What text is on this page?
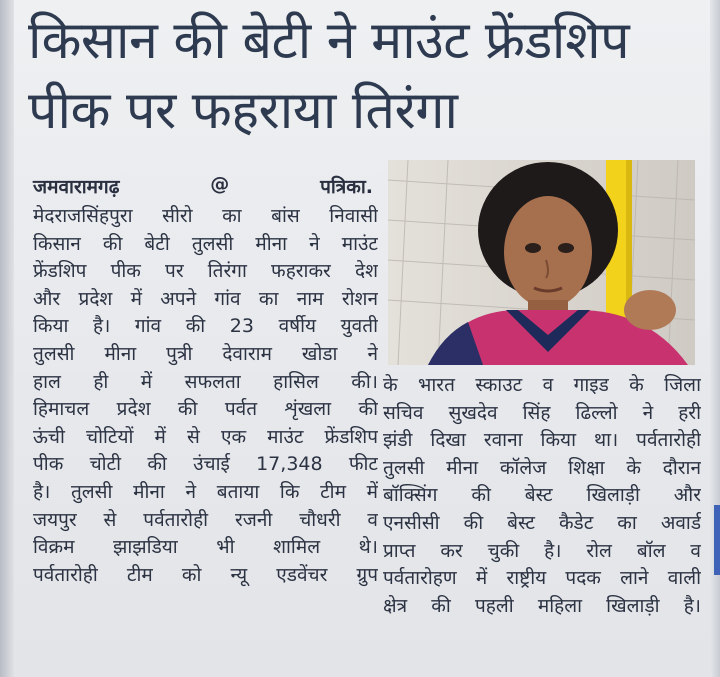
किसान की बेटी ने माउंट फ्रेंडशिप
पीक पर फहराया तिरंगा
जमवारामगढ़	@	पत्रिका.
मेदराजसिंहपुरा सीरो का बांस निवासी
किसान की बेटी तुलसी मीना ने माउंट
फ्रेंडशिप पीक पर तिरंगा फहराकर देश
और प्रदेश में अपने गांव का नाम रोशन
किया है। गांव की 23 वर्षीय युवती
तुलसी मीना पुत्री देवाराम खोडा ने
हाल ही में सफलता हासिल की।
हिमाचल प्रदेश की पर्वत शृंखला की
ऊंची चोटियों में से एक माउंट फ्रेंडशिप
पीक चोटी की उंचाई 17,348 फीट
है। तुलसी मीना ने बताया कि टीम में
जयपुर से पर्वतारोही रजनी चौधरी व
विक्रम झाझडिया भी शामिल थे।
पर्वतारोही टीम को न्यू एडवेंचर ग्रुप
के भारत स्काउट व गाइड के जिला
सचिव सुखदेव सिंह ढिल्लो ने हरी
झंडी दिखा रवाना किया था। पर्वतारोही
तुलसी मीना कॉलेज शिक्षा के दौरान
बॉक्सिंग की बेस्ट खिलाड़ी और
एनसीसी की बेस्ट कैडेट का अवार्ड
प्राप्त कर चुकी है। रोल बॉल व
पर्वतारोहण में राष्ट्रीय पदक लाने वाली
क्षेत्र की पहली महिला खिलाड़ी है।
